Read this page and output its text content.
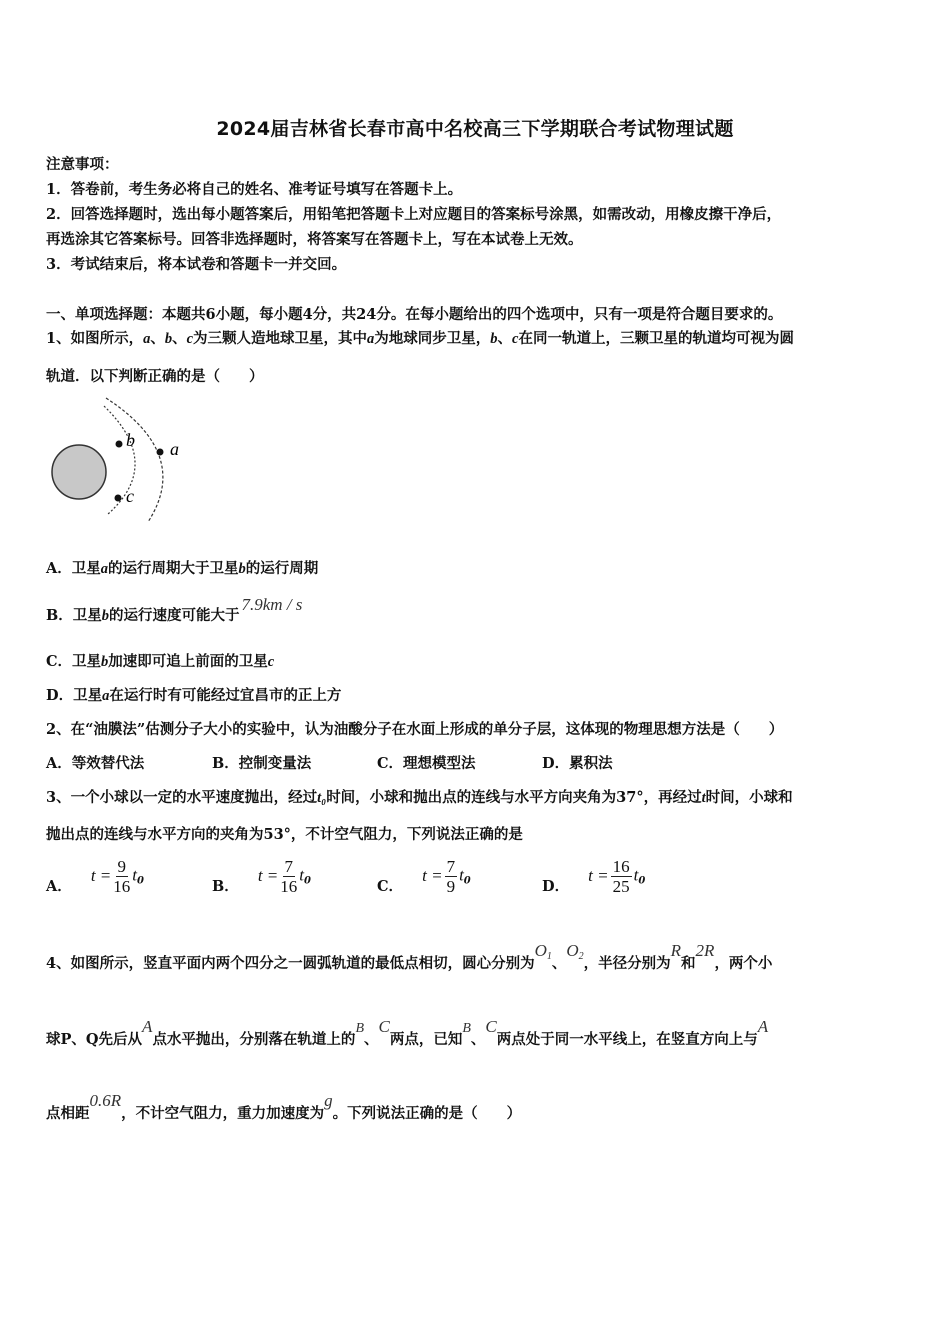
2024届吉林省长春市高中名校高三下学期联合考试物理试题
注意事项：
1．答卷前，考生务必将自己的姓名、准考证号填写在答题卡上。
2．回答选择题时，选出每小题答案后，用铅笔把答题卡上对应题目的答案标号涂黑，如需改动，用橡皮擦干净后，
再选涂其它答案标号。回答非选择题时，将答案写在答题卡上，写在本试卷上无效。
3．考试结束后，将本试卷和答题卡一并交回。
一、单项选择题：本题共6小题，每小题4分，共24分。在每小题给出的四个选项中，只有一项是符合题目要求的。
1、如图所示，a、b、c为三颗人造地球卫星，其中a为地球同步卫星，b、c在同一轨道上，三颗卫星的轨道均可视为圆
轨道．以下判断正确的是（　　）
b
c
a
A．卫星a的运行周期大于卫星b的运行周期
B．卫星b的运行速度可能大于7.9km / s
C．卫星b加速即可追上前面的卫星c
D．卫星a在运行时有可能经过宜昌市的正上方
2、在“油膜法”估测分子大小的实验中，认为油酸分子在水面上形成的单分子层，这体现的物理思想方法是（　　）
A．等效替代法	B．控制变量法	C．理想模型法	D．累积法
3、一个小球以一定的水平速度抛出，经过t₀时间，小球和抛出点的连线与水平方向夹角为37°，再经过t时间，小球和
抛出点的连线与水平方向的夹角为53°，不计空气阻力，下列说法正确的是
A． $t = \frac{9}{16} t_0$	B． $t = \frac{7}{16} t_0$	C． $t = \frac{7}{9} t_0$	D． $t = \frac{16}{25} t_0$
4、如图所示，竖直平面内两个四分之一圆弧轨道的最低点相切，圆心分别为$O_1$、$O_2$，半径分别为R和2R，两个小
球P、Q先后从A点水平抛出，分别落在轨道上的B、C两点，已知B、C两点处于同一水平线上，在竖直方向上与A
点相距0.6R，不计空气阻力，重力加速度为g。下列说法正确的是（　　）
